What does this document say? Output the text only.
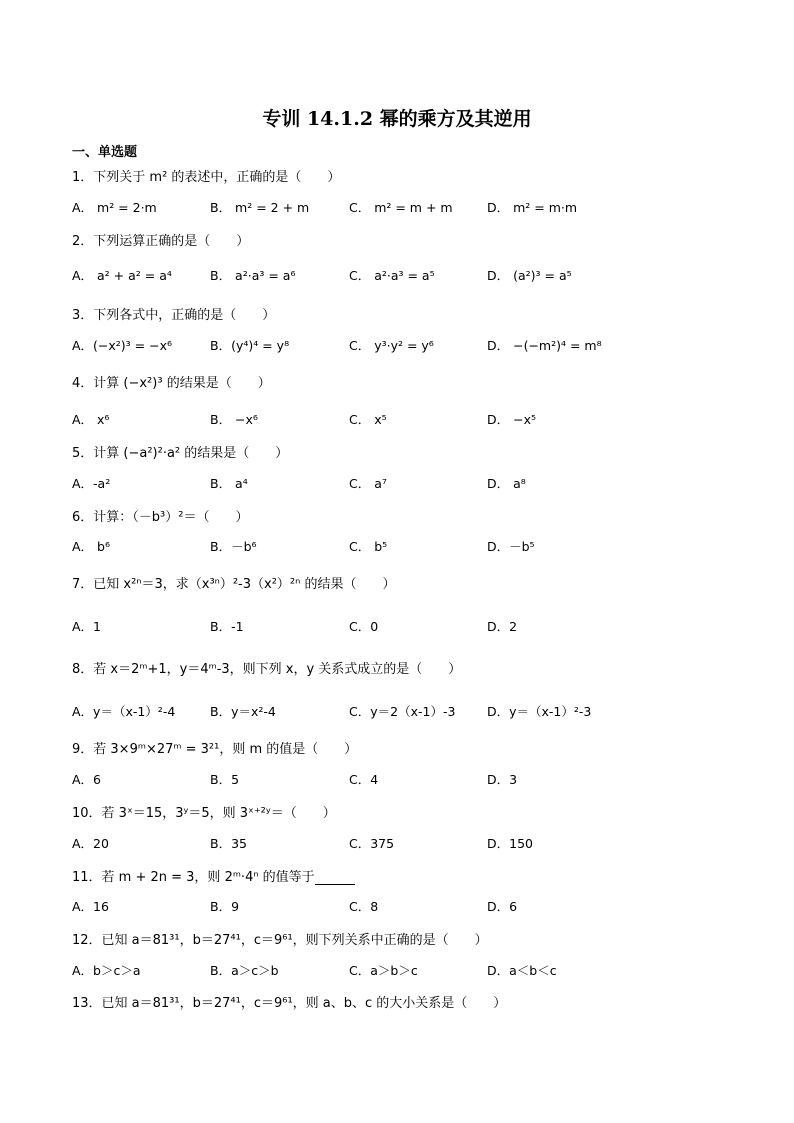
专训 14.1.2 幂的乘方及其逆用
一、单选题
1．下列关于 m² 的表述中，正确的是（　　）
A． m² = 2·m	B． m² = 2 + m	C． m² = m + m	D． m² = m·m
2．下列运算正确的是（　　）
A． a² + a² = a⁴	B． a²·a³ = a⁶	C． a²·a³ = a⁵	D． (a²)³ = a⁵
3．下列各式中，正确的是（　　）
A．(−x²)³ = −x⁶	B．(y⁴)⁴ = y⁸	C． y³·y² = y⁶	D． −(−m²)⁴ = m⁸
4．计算 (−x²)³ 的结果是（　　）
A． x⁶	B． −x⁶	C． x⁵	D． −x⁵
5．计算 (−a²)²·a² 的结果是（　　）
A．-a²	B． a⁴	C． a⁷	D． a⁸
6．计算：（－b³）²＝（　　）
A． b⁶	B．－b⁶	C． b⁵	D．－b⁵
7．已知 x²ⁿ＝3，求（x³ⁿ）²-3（x²）²ⁿ 的结果（　　）
A．1	B．-1	C．0	D．2
8．若 x＝2ᵐ+1，y＝4ᵐ-3，则下列 x，y 关系式成立的是（　　）
A．y＝（x-1）²-4	B．y＝x²-4	C．y＝2（x-1）-3	D．y＝（x-1）²-3
9．若 3×9ᵐ×27ᵐ = 3²¹，则 m 的值是（　　）
A．6	B．5	C．4	D．3
10．若 3ˣ＝15，3ʸ＝5，则 3ˣ⁺²ʸ＝（　　）
A．20	B．35	C．375	D．150
11．若 m + 2n = 3，则 2ᵐ·4ⁿ 的值等于
A．16	B．9	C．8	D．6
12．已知 a＝81³¹，b＝27⁴¹，c＝9⁶¹，则下列关系中正确的是（　　）
A．b＞c＞a	B．a＞c＞b	C．a＞b＞c	D．a＜b＜c
13．已知 a＝81³¹，b＝27⁴¹，c＝9⁶¹，则 a、b、c 的大小关系是（　　）
